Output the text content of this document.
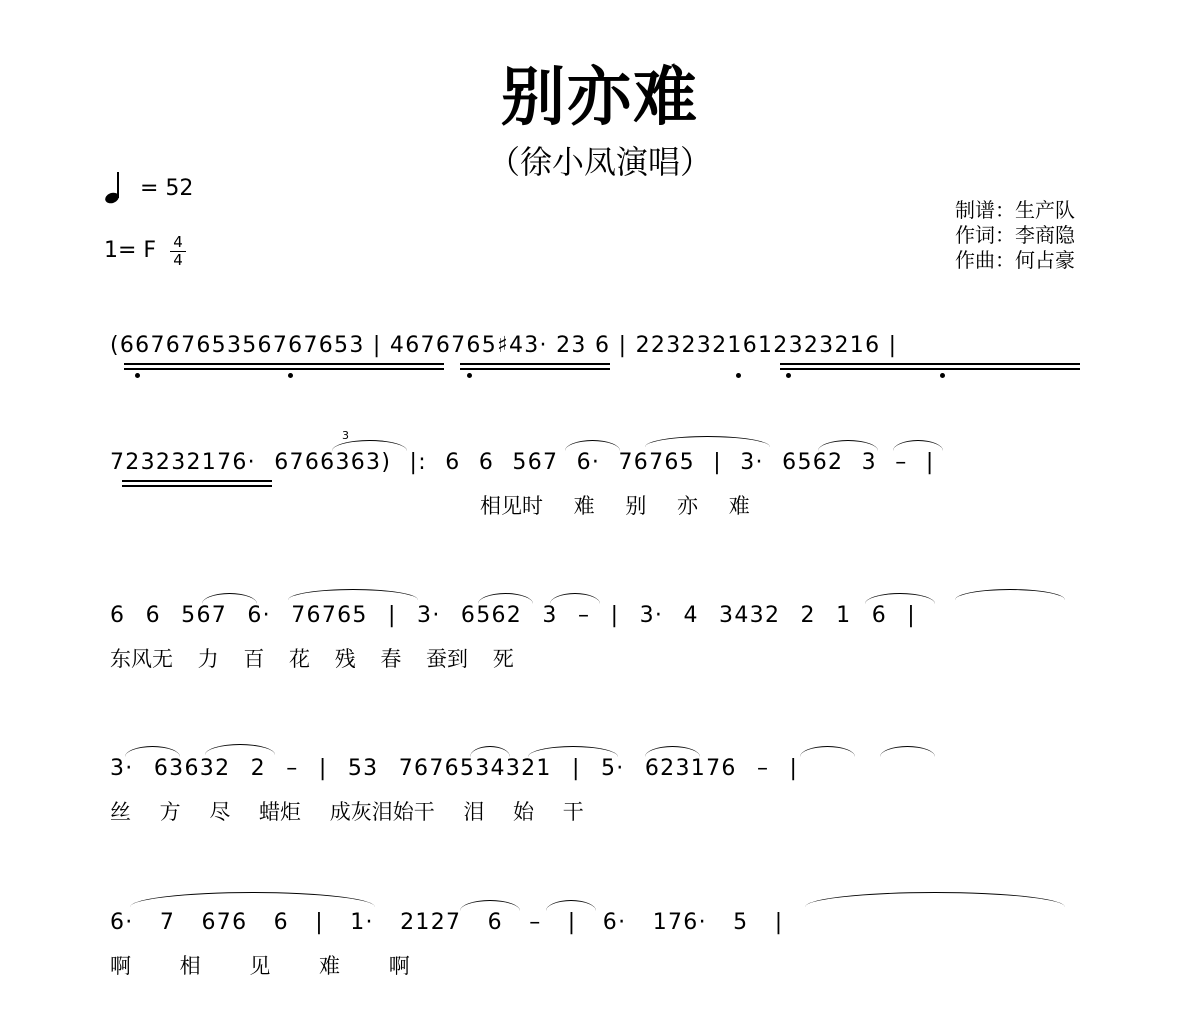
别亦难
（徐小凤演唱）
= 52
1= F 4
4
制谱：生产队
作词：李商隐
作曲：何占豪
(6676765356767653 | 4676765♯43· 23 6 | 2232321612323216 |
723232176· 6766363) |: 6 6 567 6· 76765 | 3· 6562 3 – |
相见时 难 别 亦 难
3
6 6 567 6· 76765 | 3· 6562 3 – | 3· 4 3432 2 1 6 |
东风无 力 百 花 残 春 蚕到 死
3· 63632 2 – | 53 7676534321 | 5· 623176 – |
丝 方 尽 蜡炬 成灰泪始干 泪 始 干
6· 7 676 6 | 1· 2127 6 – | 6· 176· 5 |
啊 相 见 难 啊
